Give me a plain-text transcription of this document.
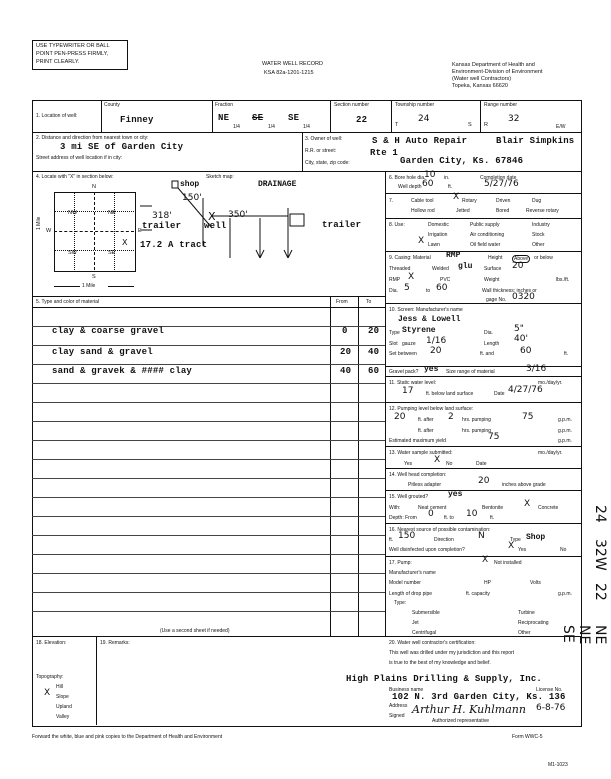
USE TYPEWRITER OR BALL
POINT PEN-PRESS FIRMLY,
PRINT CLEARLY.	WATER WELL RECORD
KSA 82a-1201-1215
Kansas Department of Health and
Environment-Division of Environment
(Water well Contractors)
Topeka, Kansas 66620
1. Location of well:
County
Finney
Fraction
NE
1/4
SE
1/4
SE
1/4
Section number
22
Township number
T
24
S
Range number
R
32
E/W
2. Distance and direction from nearest town or city:
3 mi SE of Garden City
Street address of well location if in city:
3. Owner of well:
R.R. or street:
City, state, zip code:
S & H Auto Repair	Blair Simpkins
Rte 1
Garden City, Ks. 67846
4. Locate with "X" in section below:	Sketch map:
N
S
W	E
NW	NE
SW	SE
X
1 Mile
1 Mile
shop	DRAINAGE
150'
318'	X 350'
trailer	well	trailer
17.2 A tract
5. Type and color of material	From	To
clay & coarse gravel	0 20
clay sand & gravel	20 40
sand & gravek & #### clay	40 60
(Use a second sheet if needed)
6. Bore hole dia.
10 in.	Completion date
Well depth 60	ft.	5/27/76
7.	Cable tool	Rotary
X	Driven	Dug
Hollow rod	Jetted	Bored	Reverse rotary
8. Use:	Domestic	Public supply	Industry
Irrigation	Air conditioning	Stock
X Lawn	Oil field water	Other
9. Casing: Material RMP	Height	Above	or below
Threaded	Welded glu Surface 20
RMP X	PVC	Weight	lbs./ft.
Dia. 5	to 60	Wall thickness: inches or
gage No. 0320
10. Screen: Manufacturer's name
Jess & Lowell
Type Styrene	Dia. 5"
Slot gauze 1/16	Length 40'
Set between 20	ft. and	60	ft.
Gravel pack? yes Size range of material	3/16
11. Static water level:	mo./day/yr.
17	ft. below land surface	Date 4/27/76
12. Pumping level below land surface:
20	ft. after 2 hrs. pumping	75	g.p.m.
ft. after	hrs. pumping	g.p.m.
Estimated maximum yield	75	g.p.m.
13. Water sample submitted:	mo./day/yr.
Yes X No	Date
14. Well head completion:
Pitless adapter	20	inches above grade
15. Well grouted? yes
With:	Neat cement	Bentonite X Concrete
Depth: From 0 ft. to 10	ft.
16. Nearest source of possible contamination:
ft. 150	Direction	N	Type Shop
Well disinfected upon completion?	X Yes	No
17. Pump:	X Not installed
Manufacturer's name
Model number	HP	Volts
Length of drop pipe	ft. capacity	g.p.m.
Type:
Submersible	Turbine
Jet	Reciprocating
Centrifugal	Other
18. Elevation:
Topography:
Hill
X Slope
Upland
Valley
19. Remarks:	20. Water well contractor's certification:
This well was drilled under my jurisdiction and this report
is true to the best of my knowledge and belief.
High Plains Drilling & Supply, Inc.
Business name	License No.
102 N. 3rd Garden City, Ks. 136
Address
Signed Arthur H. Kuhlmann 6-8-76
Authorized representative
Forward the white, blue and pink copies to the Department of Health and Environment	Form WWC-5
M1-1023
24
32W
22
NE NE SE
